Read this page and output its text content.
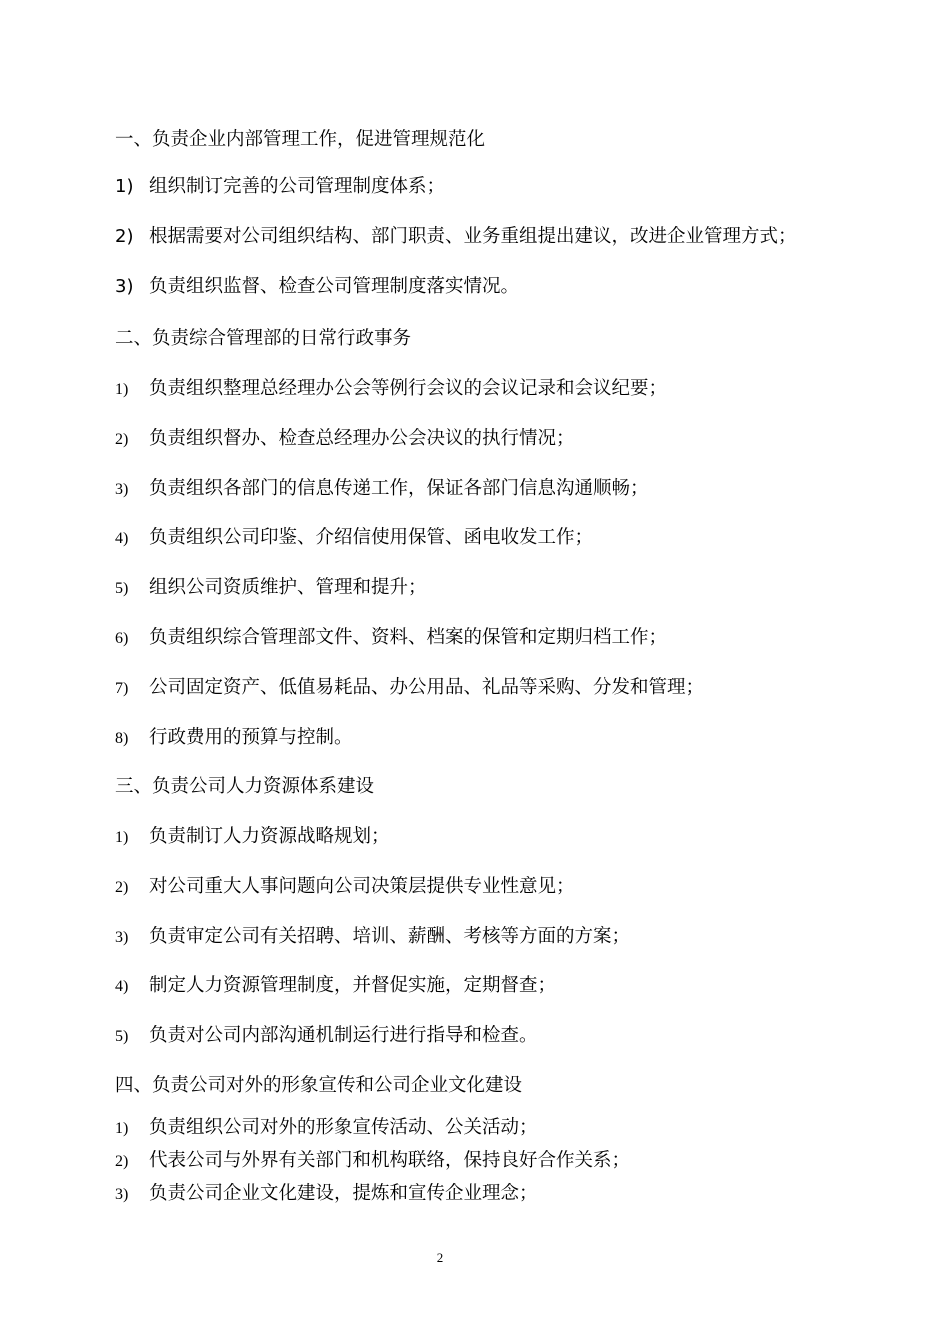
一、负责企业内部管理工作，促进管理规范化
1) 组织制订完善的公司管理制度体系；
2) 根据需要对公司组织结构、部门职责、业务重组提出建议，改进企业管理方式；
3) 负责组织监督、检查公司管理制度落实情况。
二、负责综合管理部的日常行政事务
1) 负责组织整理总经理办公会等例行会议的会议记录和会议纪要；
2) 负责组织督办、检查总经理办公会决议的执行情况；
3) 负责组织各部门的信息传递工作，保证各部门信息沟通顺畅；
4) 负责组织公司印鉴、介绍信使用保管、函电收发工作；
5) 组织公司资质维护、管理和提升；
6) 负责组织综合管理部文件、资料、档案的保管和定期归档工作；
7) 公司固定资产、低值易耗品、办公用品、礼品等采购、分发和管理；
8) 行政费用的预算与控制。
三、负责公司人力资源体系建设
1) 负责制订人力资源战略规划；
2) 对公司重大人事问题向公司决策层提供专业性意见；
3) 负责审定公司有关招聘、培训、薪酬、考核等方面的方案；
4) 制定人力资源管理制度，并督促实施，定期督查；
5) 负责对公司内部沟通机制运行进行指导和检查。
四、负责公司对外的形象宣传和公司企业文化建设
1) 负责组织公司对外的形象宣传活动、公关活动；
2) 代表公司与外界有关部门和机构联络，保持良好合作关系；
3) 负责公司企业文化建设，提炼和宣传企业理念；
2
